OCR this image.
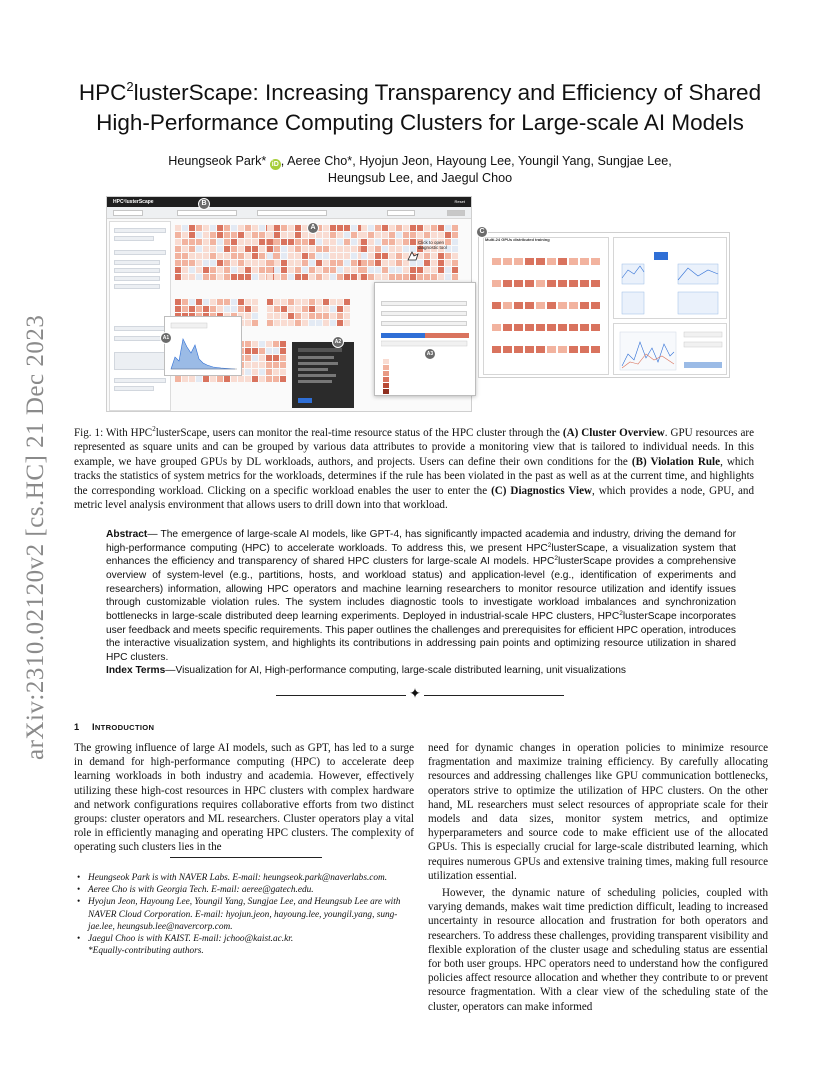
arXiv:2310.02120v2 [cs.HC] 21 Dec 2023
HPC$^2$lusterScape: Increasing Transparency and Efficiency of Shared
High-Performance Computing Clusters for Large-scale AI Models
Heungseok Park* iD , Aeree Cho*, Hyojun Jeon, Hayoung Lee, Youngil Yang, Sungjae Lee,
Heungsub Lee, and Jaegul Choo
HPC²lusterScape	Reset
Multi-24 GPUs distributed training
Click to open diagnostic tool
B
A
C
A1
A2
A3
Fig. 1: With HPC$^2$lusterScape, users can monitor the real-time resource status of the HPC cluster through the (A) Cluster Overview. GPU resources are represented as square units and can be grouped by various data attributes to provide a monitoring view that is tailored to individual needs. In this example, we have grouped GPUs by DL workloads, authors, and projects. Users can define their own conditions for the (B) Violation Rule, which tracks the statistics of system metrics for the workloads, determines if the rule has been violated in the past as well as at the current time, and highlights the corresponding workload. Clicking on a specific workload enables the user to enter the (C) Diagnostics View, which provides a node, GPU, and metric level analysis environment that allows users to drill down into that workload.
Abstract— The emergence of large-scale AI models, like GPT-4, has significantly impacted academia and industry, driving the demand for high-performance computing (HPC) to accelerate workloads. To address this, we present HPC$^2$lusterScape, a visualization system that enhances the efficiency and transparency of shared HPC clusters for large-scale AI models. HPC$^2$lusterScape provides a comprehensive overview of system-level (e.g., partitions, hosts, and workload status) and application-level (e.g., identification of experiments and researchers) information, allowing HPC operators and machine learning researchers to monitor resource utilization and identify issues through customizable violation rules. The system includes diagnostic tools to investigate workload imbalances and synchronization bottlenecks in large-scale distributed deep learning experiments. Deployed in industrial-scale HPC clusters, HPC$^2$lusterScape incorporates user feedback and meets specific requirements. This paper outlines the challenges and prerequisites for efficient HPC operation, introduces the interactive visualization system, and highlights its contributions in addressing pain points and optimizing resource utilization in shared HPC clusters.
Index Terms—Visualization for AI, High-performance computing, large-scale distributed learning, unit visualizations
✦
1 INTRODUCTION

The growing influence of large AI models, such as GPT, has led to a surge in demand for high-performance computing (HPC) to accelerate deep learning workloads in both industry and academia. However, effectively utilizing these high-cost resources in HPC clusters with complex hardware and network configurations requires collaborative efforts from two distinct groups: cluster operators and ML researchers. Cluster operators play a vital role in efficiently managing and operating HPC clusters. The complexity of operating such clusters lies in the

need for dynamic changes in operation policies to minimize resource fragmentation and maximize training efficiency. By carefully allocating resources and addressing challenges like GPU communication bottlenecks, operators strive to optimize the utilization of HPC clusters. On the other hand, ML researchers must select resources of appropriate scale for their models and data sizes, monitor system metrics, and optimize hyperparameters and source code to make efficient use of the allocated GPUs. This is especially crucial for large-scale distributed learning, which requires numerous GPUs and extensive training times, making full resource utilization essential.

However, the dynamic nature of scheduling policies, coupled with varying demands, makes wait time prediction difficult, leading to increased uncertainty in resource allocation and frustration for both operators and researchers. To address these challenges, providing transparent visibility and flexible exploration of the cluster usage and scheduling status are essential for both user groups. HPC operators need to understand how the configured policies affect resource allocation and whether they contribute to or prevent resource fragmentation. With a clear view of the scheduling state of the cluster, operators can make informed

• Heungseok Park is with NAVER Labs. E-mail: heungseok.park@naverlabs.com.
• Aeree Cho is with Georgia Tech. E-mail: aeree@gatech.edu.
• Hyojun Jeon, Hayoung Lee, Youngil Yang, Sungjae Lee, and Heungsub Lee are with NAVER Cloud Corporation. E-mail: hyojun.jeon, hayoung.lee, youngil.yang, sung-jae.lee, heungsub.lee@navercorp.com.
• Jaegul Choo is with KAIST. E-mail: jchoo@kaist.ac.kr.
*Equally-contributing authors.
